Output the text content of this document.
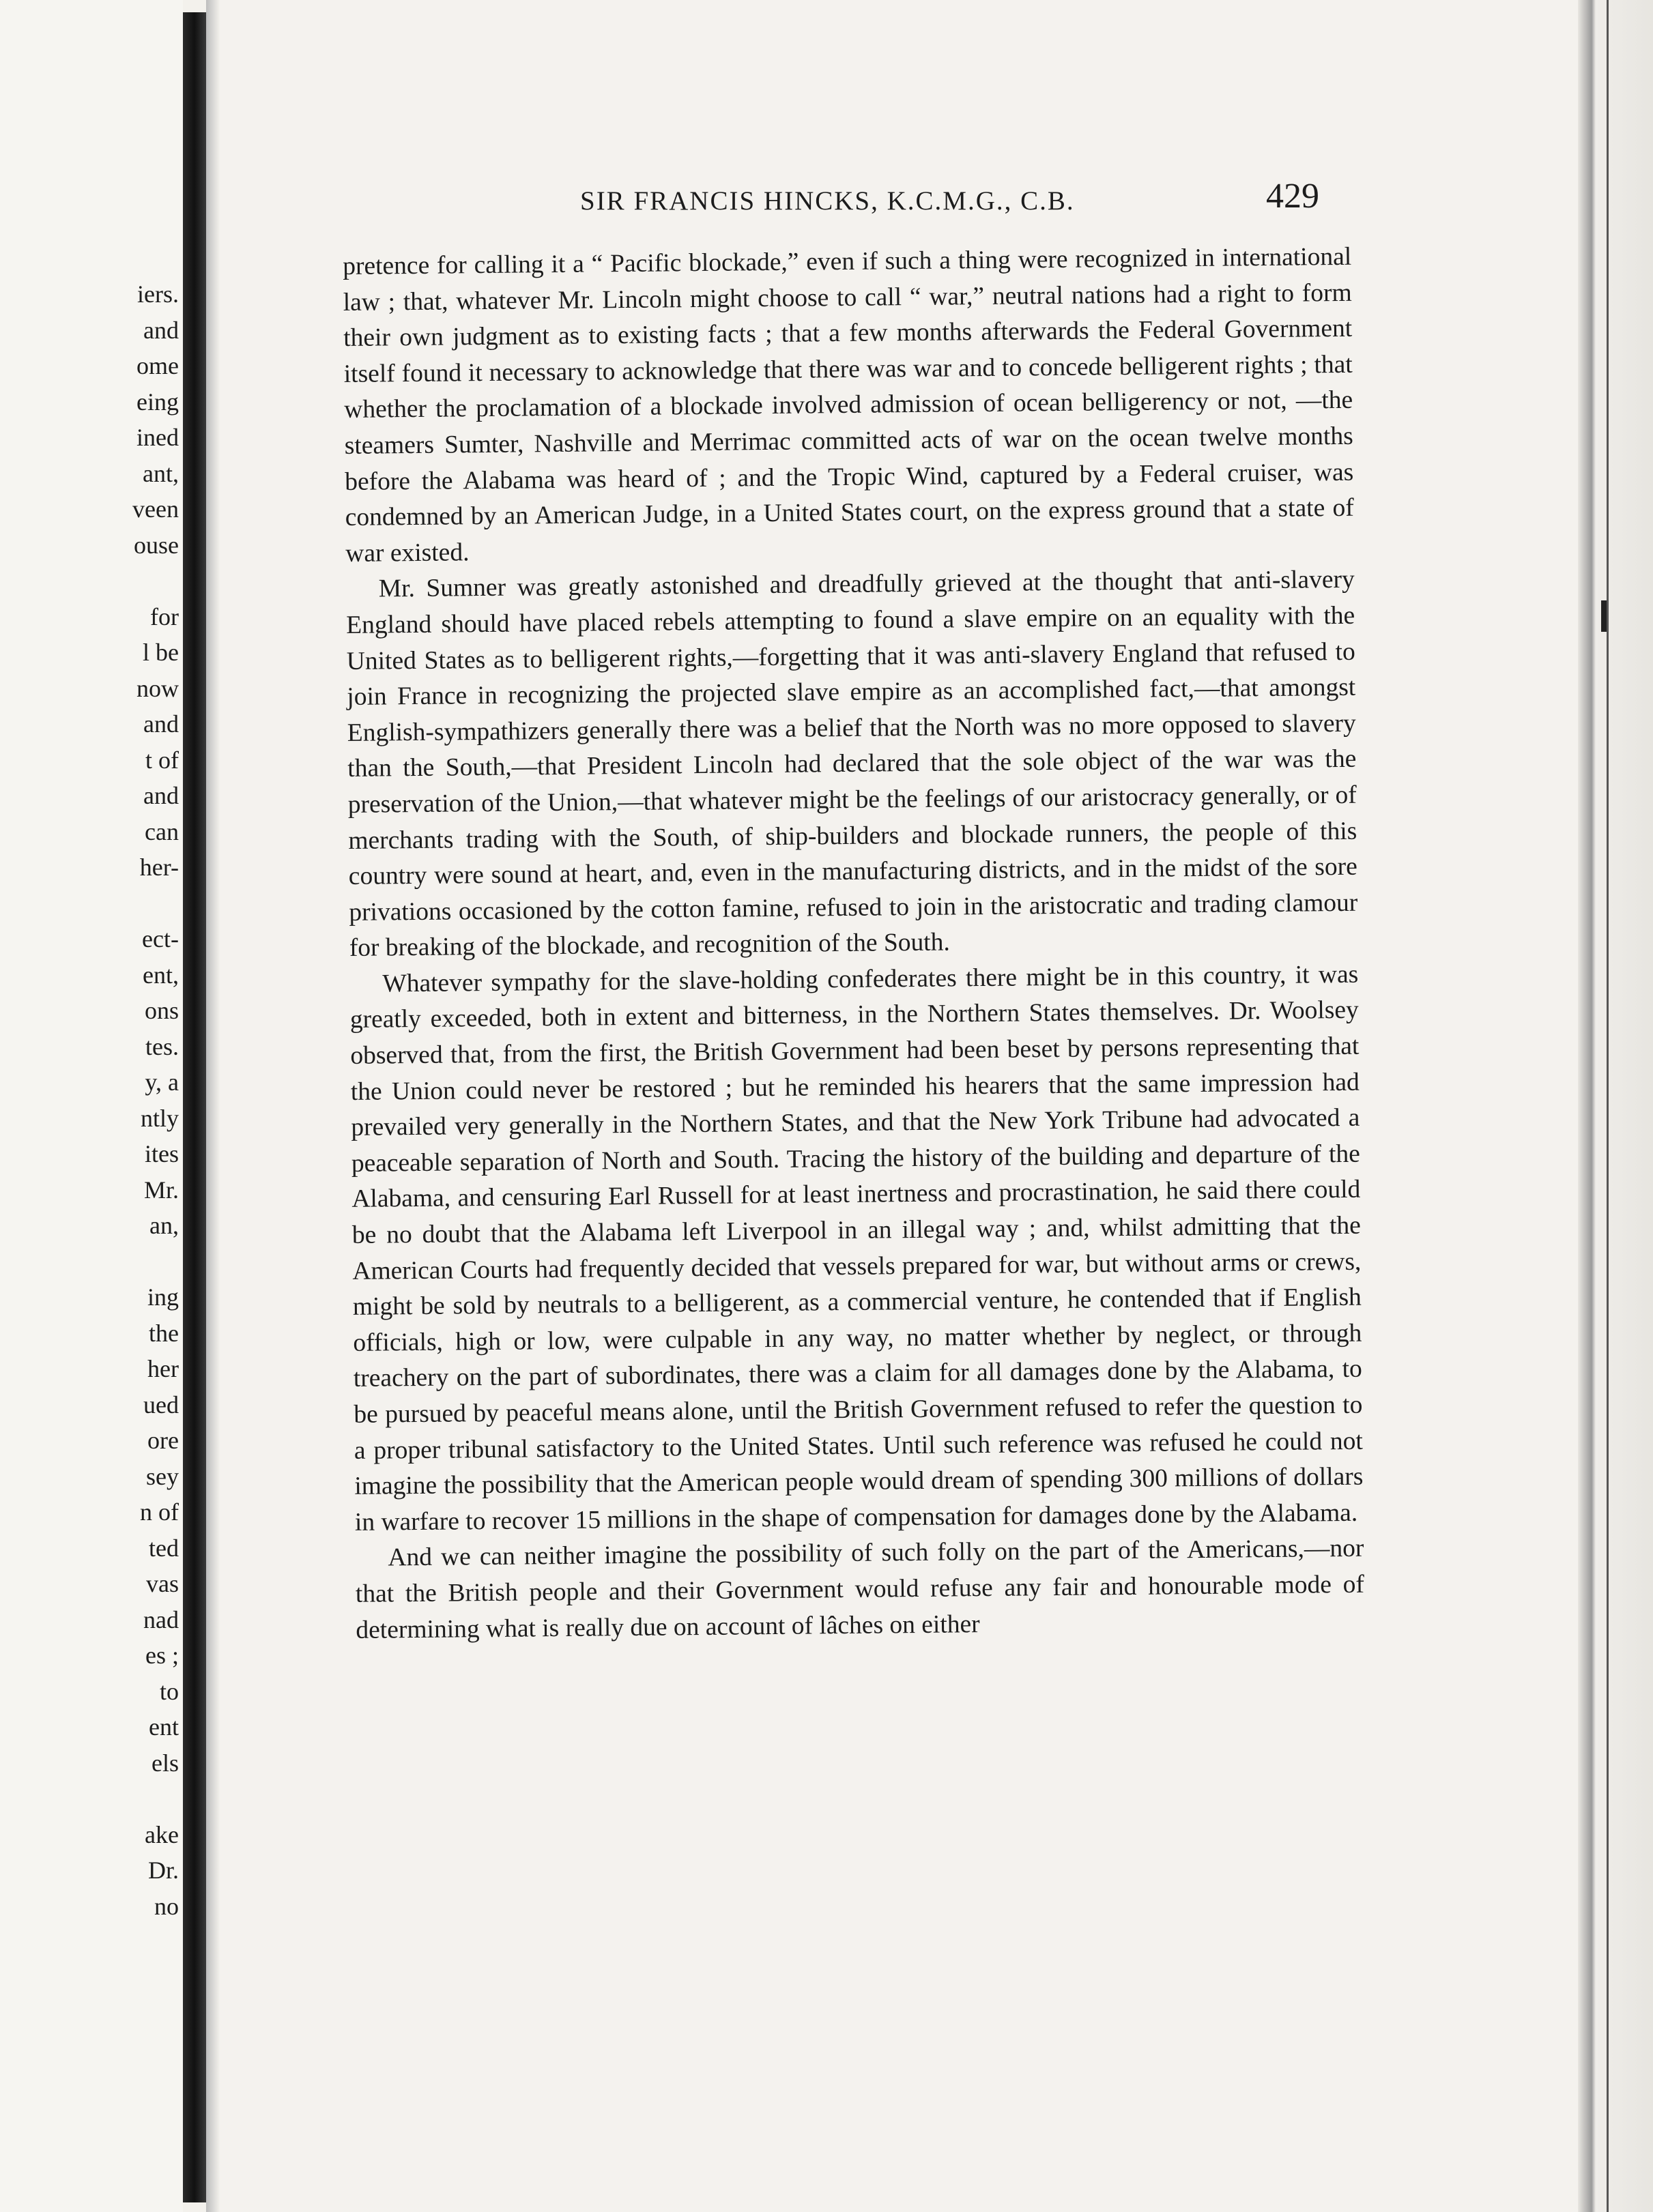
iers.
and
ome
eing
ined
ant,
veen
ouse

for
l be
now
and
t of
and
can
her-

ect-
ent,
ons
tes.
y, a
ntly
ites
Mr.
an,

ing
the
her
ued
ore
sey
n of
ted
vas
nad
es ;
to
ent
els

ake
Dr.
no
SIR FRANCIS HINCKS, K.C.M.G., C.B.	429

pretence for calling it a “ Pacific blockade,” even if such a thing were recognized in international law ; that, whatever Mr. Lincoln might choose to call “ war,” neutral nations had a right to form their own judgment as to existing facts ; that a few months afterwards the Federal Government itself found it necessary to acknowledge that there was war and to concede belligerent rights ; that whether the proclamation of a blockade involved admission of ocean belligerency or not, —the steamers Sumter, Nashville and Merrimac committed acts of war on the ocean twelve months before the Alabama was heard of ; and the Tropic Wind, captured by a Federal cruiser, was condemned by an American Judge, in a United States court, on the express ground that a state of war existed.

Mr. Sumner was greatly astonished and dreadfully grieved at the thought that anti-slavery England should have placed rebels attempting to found a slave empire on an equality with the United States as to belligerent rights,—forgetting that it was anti-slavery England that refused to join France in recognizing the projected slave empire as an accomplished fact,—that amongst English-sympathizers generally there was a belief that the North was no more opposed to slavery than the South,—that President Lincoln had declared that the sole object of the war was the preservation of the Union,—that whatever might be the feelings of our aristocracy generally, or of merchants trading with the South, of ship-builders and blockade runners, the people of this country were sound at heart, and, even in the manufacturing districts, and in the midst of the sore privations occasioned by the cotton famine, refused to join in the aristocratic and trading clamour for breaking of the blockade, and recognition of the South.

Whatever sympathy for the slave-holding confederates there might be in this country, it was greatly exceeded, both in extent and bitterness, in the Northern States themselves. Dr. Woolsey observed that, from the first, the British Government had been beset by persons representing that the Union could never be restored ; but he reminded his hearers that the same impression had prevailed very generally in the Northern States, and that the New York Tribune had advocated a peaceable separation of North and South. Tracing the history of the building and departure of the Alabama, and censuring Earl Russell for at least inertness and procrastination, he said there could be no doubt that the Alabama left Liverpool in an illegal way ; and, whilst admitting that the American Courts had frequently decided that vessels prepared for war, but without arms or crews, might be sold by neutrals to a belligerent, as a commercial venture, he contended that if English officials, high or low, were culpable in any way, no matter whether by neglect, or through treachery on the part of subordinates, there was a claim for all damages done by the Alabama, to be pursued by peaceful means alone, until the British Government refused to refer the question to a proper tribunal satisfactory to the United States. Until such reference was refused he could not imagine the possibility that the American people would dream of spending 300 millions of dollars in warfare to recover 15 millions in the shape of compensation for damages done by the Alabama.

And we can neither imagine the possibility of such folly on the part of the Americans,—nor that the British people and their Government would refuse any fair and honourable mode of determining what is really due on account of lâches on either
